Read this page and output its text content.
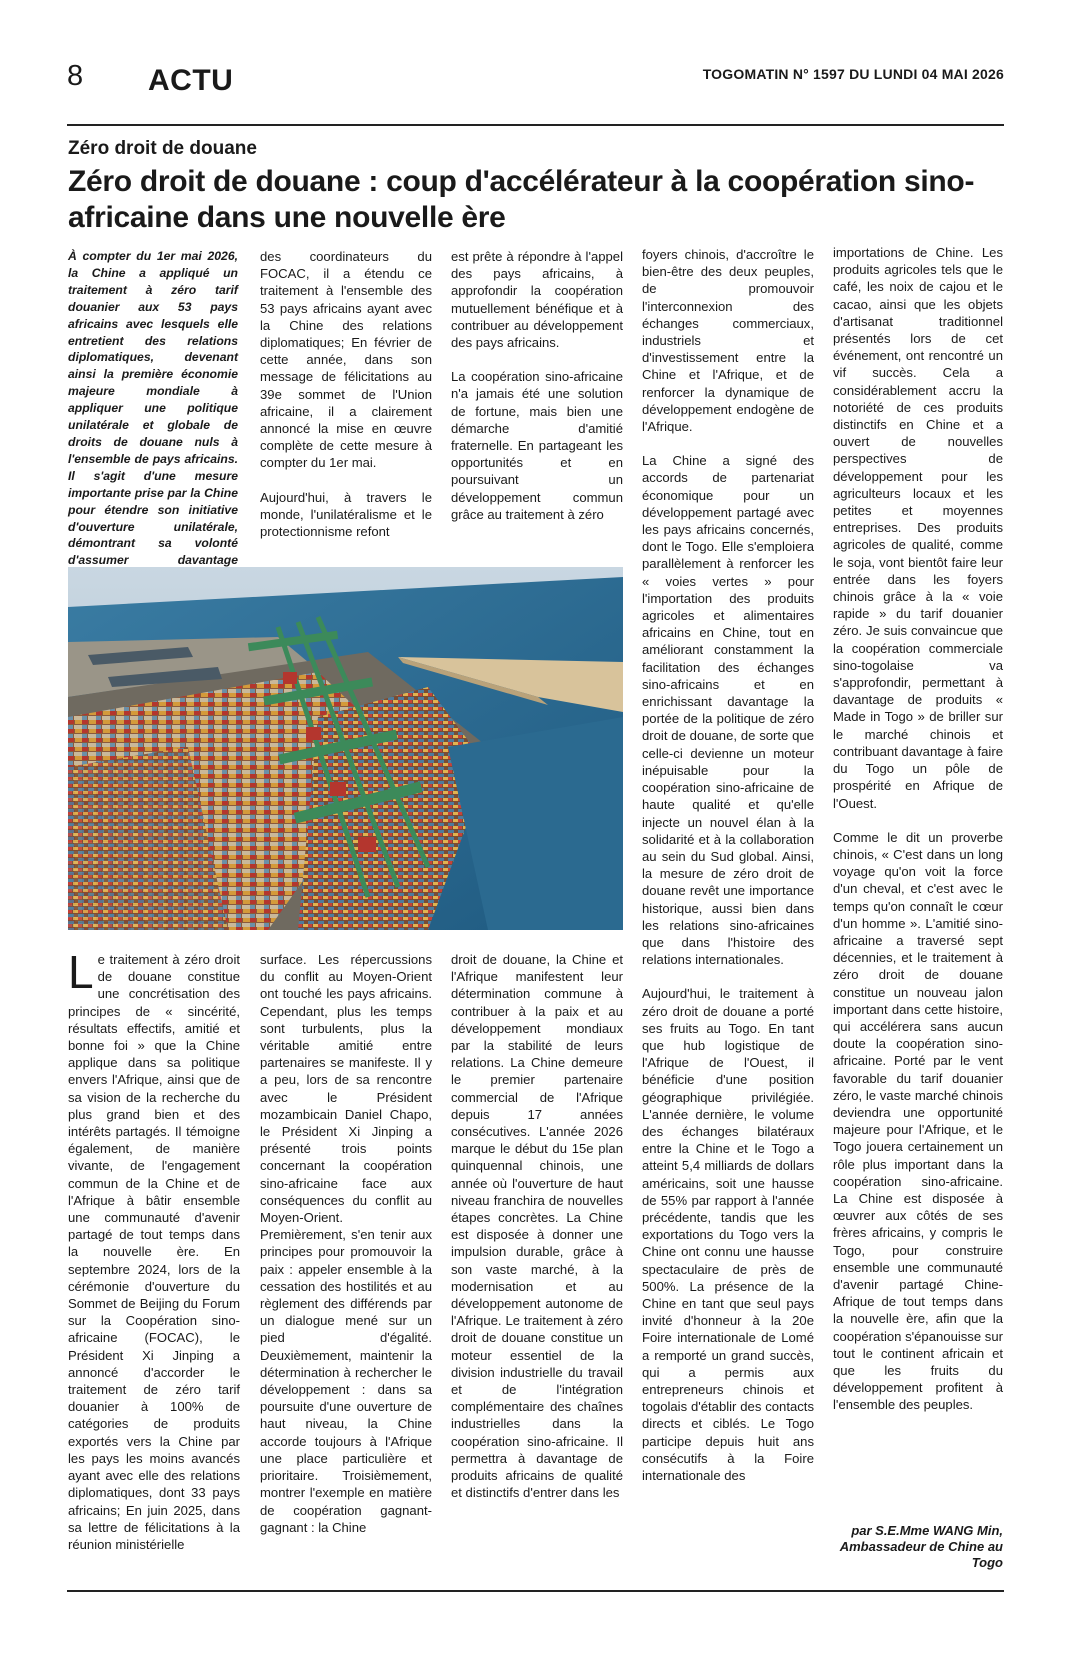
8 ACTU	TOGOMATIN N° 1597 DU LUNDI 04 MAI 2026
Zéro droit de douane
Zéro droit de douane : coup d'accélérateur à la coopération sino-africaine dans une nouvelle ère
À compter du 1er mai 2026, la Chine a appliqué un traitement à zéro tarif douanier aux 53 pays africains avec lesquels elle entretient des relations diplomatiques, devenant ainsi la première économie majeure mondiale à appliquer une politique unilatérale et globale de droits de douane nuls à l'ensemble de pays africains. Il s'agit d'une mesure importante prise par la Chine pour étendre son initiative d'ouverture unilatérale, démontrant sa volonté d'assumer davantage

des coordinateurs du FOCAC, il a étendu ce traitement à l'ensemble des 53 pays africains ayant avec la Chine des relations diplomatiques; En février de cette année, dans son message de félicitations au 39e sommet de l'Union africaine, il a clairement annoncé la mise en œuvre complète de cette mesure à compter du 1er mai.

Aujourd'hui, à travers le monde, l'unilatéralisme et le protectionnisme refont

est prête à répondre à l'appel des pays africains, à approfondir la coopération mutuellement bénéfique et à contribuer au développement des pays africains.

La coopération sino-africaine n'a jamais été une solution de fortune, mais bien une démarche d'amitié fraternelle. En partageant les opportunités et en poursuivant un développement commun grâce au traitement à zéro

foyers chinois, d'accroître le bien-être des deux peuples, de promouvoir l'interconnexion des échanges commerciaux, industriels et d'investissement entre la Chine et l'Afrique, et de renforcer la dynamique de développement endogène de l'Afrique.

La Chine a signé des accords de partenariat économique pour un développement partagé avec les pays africains concernés, dont le Togo. Elle s'emploiera parallèlement à renforcer les « voies vertes » pour l'importation des produits agricoles et alimentaires africains en Chine, tout en améliorant constamment la facilitation des échanges sino-africains et en enrichissant davantage la portée de la politique de zéro droit de douane, de sorte que celle-ci devienne un moteur inépuisable pour la coopération sino-africaine de haute qualité et qu'elle injecte un nouvel élan à la solidarité et à la collaboration au sein du Sud global. Ainsi, la mesure de zéro droit de douane revêt une importance historique, aussi bien dans les relations sino-africaines que dans l'histoire des relations internationales.

Aujourd'hui, le traitement à zéro droit de douane a porté ses fruits au Togo. En tant que hub logistique de l'Afrique de l'Ouest, il bénéficie d'une position géographique privilégiée. L'année dernière, le volume des échanges bilatéraux entre la Chine et le Togo a atteint 5,4 milliards de dollars américains, soit une hausse de 55% par rapport à l'année précédente, tandis que les exportations du Togo vers la Chine ont connu une hausse spectaculaire de près de 500%. La présence de la Chine en tant que seul pays invité d'honneur à la 20e Foire internationale de Lomé a remporté un grand succès, qui a permis aux entrepreneurs chinois et togolais d'établir des contacts directs et ciblés. Le Togo participe depuis huit ans consécutifs à la Foire internationale des

importations de Chine. Les produits agricoles tels que le café, les noix de cajou et le cacao, ainsi que les objets d'artisanat traditionnel présentés lors de cet événement, ont rencontré un vif succès. Cela a considérablement accru la notoriété de ces produits distinctifs en Chine et a ouvert de nouvelles perspectives de développement pour les agriculteurs locaux et les petites et moyennes entreprises. Des produits agricoles de qualité, comme le soja, vont bientôt faire leur entrée dans les foyers chinois grâce à la « voie rapide » du tarif douanier zéro. Je suis convaincue que la coopération commerciale sino-togolaise va s'approfondir, permettant à davantage de produits « Made in Togo » de briller sur le marché chinois et contribuant davantage à faire du Togo un pôle de prospérité en Afrique de l'Ouest.

Comme le dit un proverbe chinois, « C'est dans un long voyage qu'on voit la force d'un cheval, et c'est avec le temps qu'on connaît le cœur d'un homme ». L'amitié sino-africaine a traversé sept décennies, et le traitement à zéro droit de douane constitue un nouveau jalon important dans cette histoire, qui accélérera sans aucun doute la coopération sino-africaine. Porté par le vent favorable du tarif douanier zéro, le vaste marché chinois deviendra une opportunité majeure pour l'Afrique, et le Togo jouera certainement un rôle plus important dans la coopération sino-africaine. La Chine est disposée à œuvrer aux côtés de ses frères africains, y compris le Togo, pour construire ensemble une communauté d'avenir partagé Chine-Afrique de tout temps dans la nouvelle ère, afin que la coopération s'épanouisse sur tout le continent africain et que les fruits du développement profitent à l'ensemble des peuples.

par S.E.Mme WANG Min,
Ambassadeur de Chine au
Togo

Le traitement à zéro droit de douane constitue une concrétisation des principes de « sincérité, résultats effectifs, amitié et bonne foi » que la Chine applique dans sa politique envers l'Afrique, ainsi que de sa vision de la recherche du plus grand bien et des intérêts partagés. Il témoigne également, de manière vivante, de l'engagement commun de la Chine et de l'Afrique à bâtir ensemble une communauté d'avenir partagé de tout temps dans la nouvelle ère. En septembre 2024, lors de la cérémonie d'ouverture du Sommet de Beijing du Forum sur la Coopération sino-africaine (FOCAC), le Président Xi Jinping a annoncé d'accorder le traitement de zéro tarif douanier à 100% de catégories de produits exportés vers la Chine par les pays les moins avancés ayant avec elle des relations diplomatiques, dont 33 pays africains; En juin 2025, dans sa lettre de félicitations à la réunion ministérielle

surface. Les répercussions du conflit au Moyen-Orient ont touché les pays africains. Cependant, plus les temps sont turbulents, plus la véritable amitié entre partenaires se manifeste. Il y a peu, lors de sa rencontre avec le Président mozambicain Daniel Chapo, le Président Xi Jinping a présenté trois points concernant la coopération sino-africaine face aux conséquences du conflit au Moyen-Orient. Premièrement, s'en tenir aux principes pour promouvoir la paix : appeler ensemble à la cessation des hostilités et au règlement des différends par un dialogue mené sur un pied d'égalité. Deuxièmement, maintenir la détermination à rechercher le développement : dans sa poursuite d'une ouverture de haut niveau, la Chine accorde toujours à l'Afrique une place particulière et prioritaire. Troisièmement, montrer l'exemple en matière de coopération gagnant-gagnant : la Chine

droit de douane, la Chine et l'Afrique manifestent leur détermination commune à contribuer à la paix et au développement mondiaux par la stabilité de leurs relations. La Chine demeure le premier partenaire commercial de l'Afrique depuis 17 années consécutives. L'année 2026 marque le début du 15e plan quinquennal chinois, une année où l'ouverture de haut niveau franchira de nouvelles étapes concrètes. La Chine est disposée à donner une impulsion durable, grâce à son vaste marché, à la modernisation et au développement autonome de l'Afrique. Le traitement à zéro droit de douane constitue un moteur essentiel de la division industrielle du travail et de l'intégration complémentaire des chaînes industrielles dans la coopération sino-africaine. Il permettra à davantage de produits africains de qualité et distinctifs d'entrer dans les
